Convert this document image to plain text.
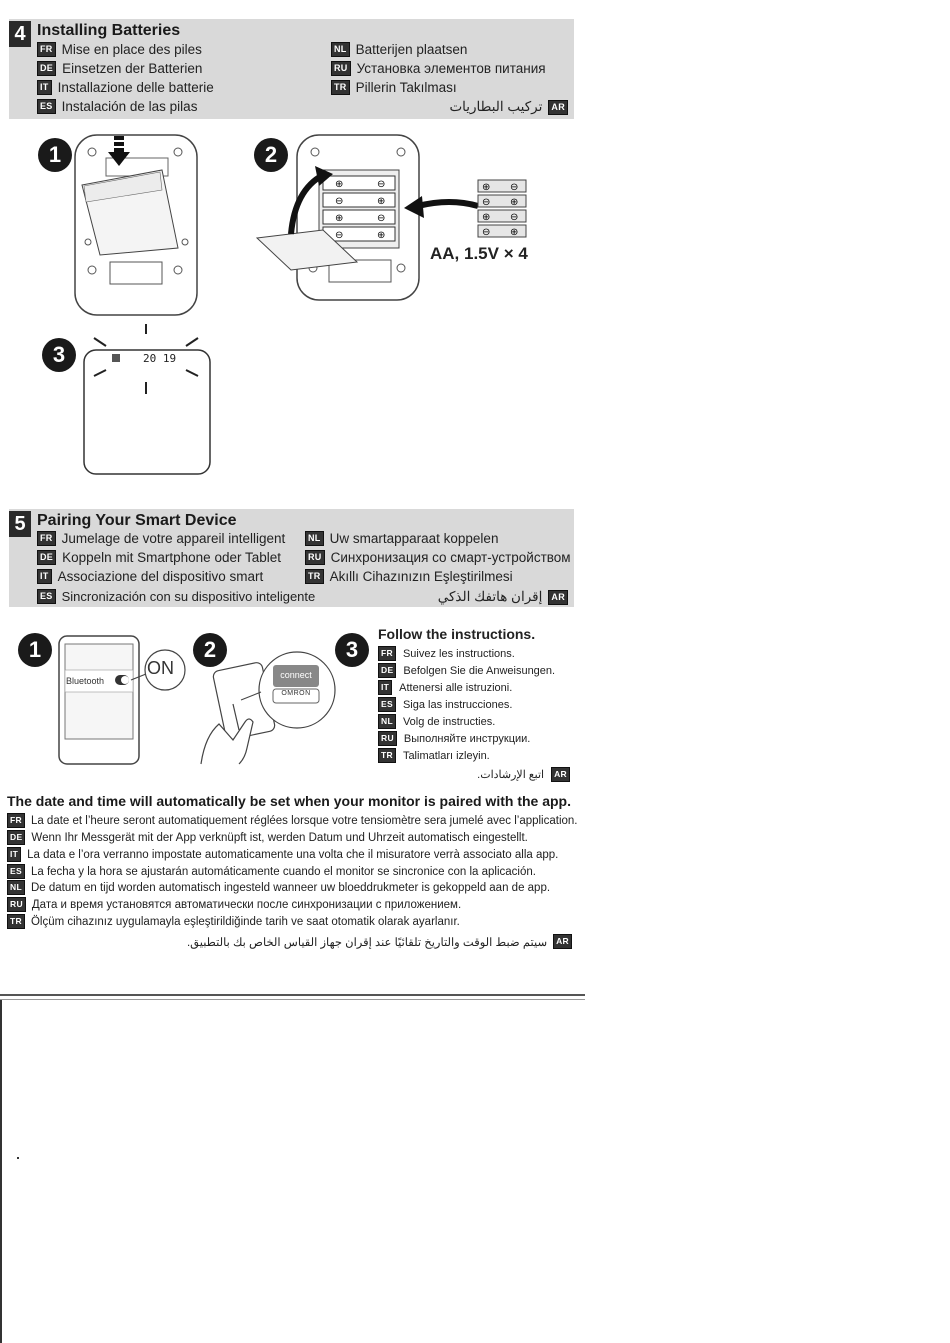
4 Installing Batteries
FR Mise en place des piles
DE Einsetzen der Batterien
IT Installazione delle batterie
ES Instalación de las pilas
NL Batterijen plaatsen
RU Установка элементов питания
TR Pillerin Takılması
AR
تركيب البطاريات
1	2
⊕	⊖
⊖	⊕
⊕	⊖
⊖	⊕
⊕ ⊖
⊖ ⊕
⊕ ⊖
⊖ ⊕
AA, 1.5V × 4
3	20 19
5 Pairing Your Smart Device
FR Jumelage de votre appareil intelligent
DE Koppeln mit Smartphone oder Tablet
IT Associazione del dispositivo smart
ES Sincronización con su dispositivo inteligente
NL Uw smartapparaat koppelen
RU Синхронизация со смарт-устройством
TR Akıllı Cihazınızın Eşleştirilmesi
AR
إقران هاتفك الذكي
1
Bluetooth
ON
2
connect
OMRON
3
Follow the instructions.
FR Suivez les instructions.
DE Befolgen Sie die Anweisungen.
IT Attenersi alle istruzioni.
ES Siga las instrucciones.
NL Volg de instructies.
RU Выполняйте инструкции.
TR Talimatları izleyin.
AR
اتبع الإرشادات.
The date and time will automatically be set when your monitor is paired with the app.
FR La date et l’heure seront automatiquement réglées lorsque votre tensiomètre sera jumelé avec l’application.
DE Wenn Ihr Messgerät mit der App verknüpft ist, werden Datum und Uhrzeit automatisch eingestellt.
IT La data e l’ora verranno impostate automaticamente una volta che il misuratore verrà associato alla app.
ES La fecha y la hora se ajustarán automáticamente cuando el monitor se sincronice con la aplicación.
NL De datum en tijd worden automatisch ingesteld wanneer uw bloeddrukmeter is gekoppeld aan de app.
RU Дата и время установятся автоматически после синхронизации с приложением.
TR Ölçüm cihazınız uygulamayla eşleştirildiğinde tarih ve saat otomatik olarak ayarlanır.
AR
سيتم ضبط الوقت والتاريخ تلقائيًا عند إقران جهاز القياس الخاص بك بالتطبيق.
